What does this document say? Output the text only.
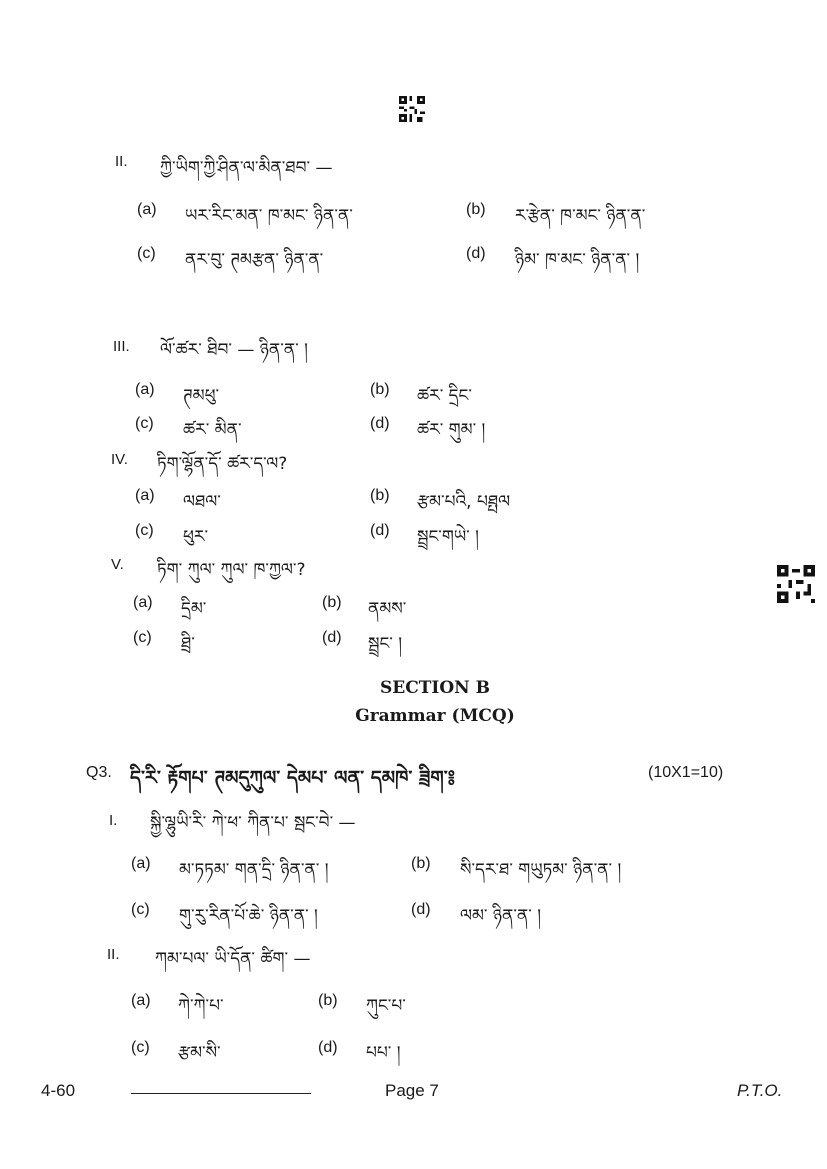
II. ཀྱི་ཡིག་ཀྱི་ཤིན་ལ་མིན་ཐབ་ —
(a) ཡར་རིང་མན་ ཁ་མང་ ཉིན་ན་	(b) ར་རྩེན་ ཁ་མང་ ཉིན་ན་
(c) ནར་བུ་ ཊམརྩན་ ཉིན་ན་	(d) ཉིམ་ ཁ་མང་ ཉིན་ན་ །
III. ལོ་ཚར་ ཐིབ་ — ཉིན་ན་ །
(a) ཊམཕུ་	(b) ཚར་ དྲིང་
(c) ཚར་ མིན་	(d) ཚར་ གུམ་ །
IV. ཏིག་ལྷོན་དོ་ ཚར་ད་ལ?
(a) ལཐལ་	(b) རྩམ་པའི, པཐྤལ
(c) ཕུར་	(d) སྦྲང་གཡེ་ །
V. ཏིག་ ཀུལ་ ཀུལ་ ཁ་ཀྱལ་?
(a) དྲིམ་	(b) ནམས་
(c) ཐྲི་	(d) སྦྲང་ །
SECTION B
Grammar (MCQ)
Q3. དི་རི་ རྟོགཔ་ ཊམདུཀུལ་ དེམཔ་ ལན་ དམཁེ་ ཟྲིག་༔	(10X1=10)
I. སྐྱི་ལྷུཡི་རི་ ཀེ་ཕ་ ཀིན་པ་ སྦང་བེ་ —
(a) མ་ཏཏམ་ གན་དྲི་ ཉིན་ན་ །	(b) སི་དར་ཐ་ གཡུཏམ་ ཉིན་ན་ །
(c) གུ་རུ་རིན་པོ་ཆེ་ ཉིན་ན་ །	(d) ལམ་ ཉིན་ན་ །
II. ཀམ་པལ་ ཡི་དོན་ ཚིག་ —
(a) ཀེ་ཀེ་པ་	(b) ཀུང་པ་
(c) རྩམ་སི་	(d) པཔ་ །
4-60	Page 7	P.T.O.
